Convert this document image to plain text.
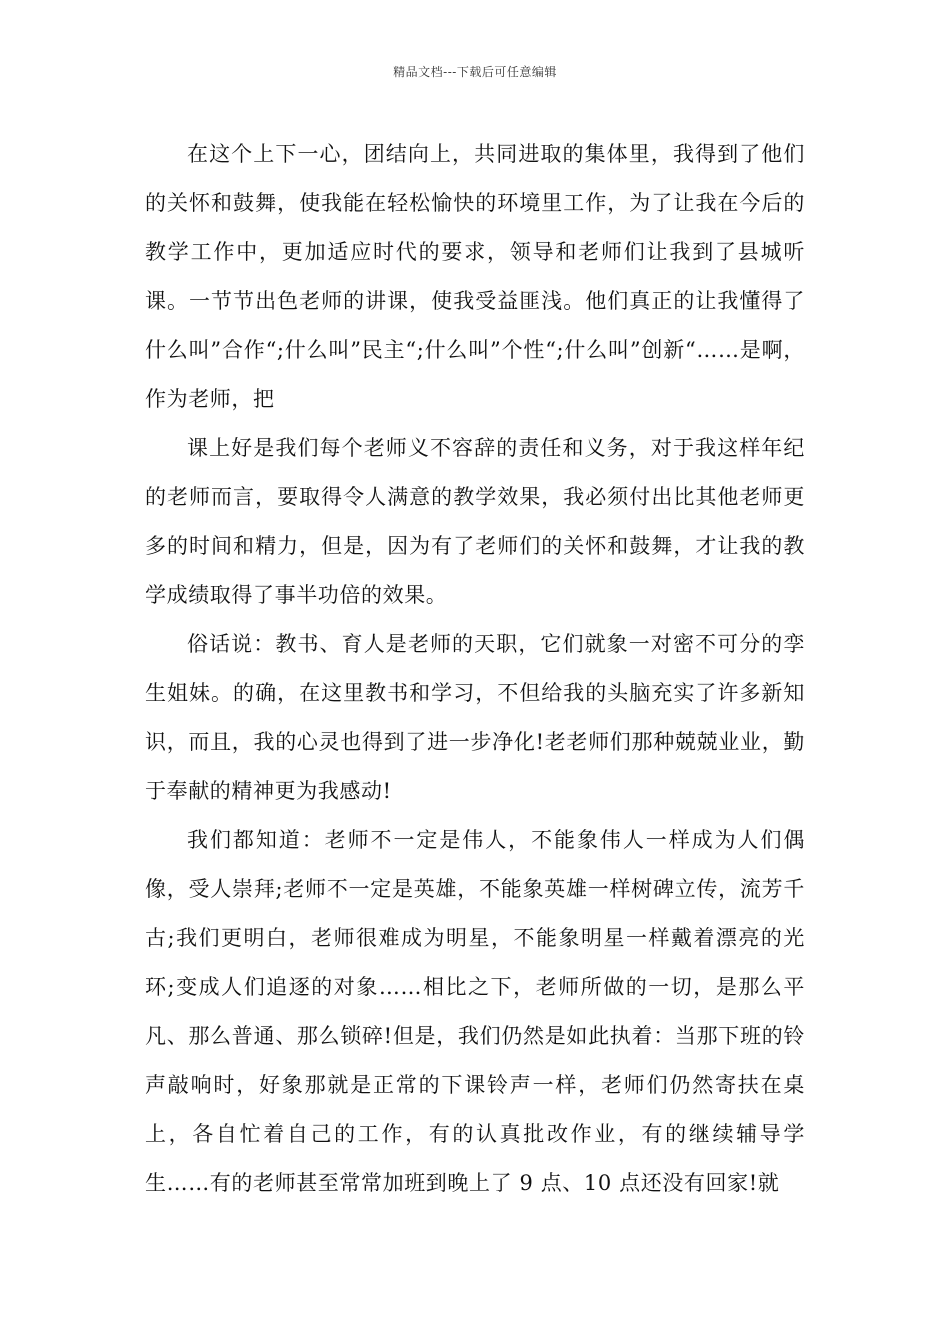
精品文档---下载后可任意编辑

在这个上下一心，团结向上，共同进取的集体里，我得到了他们的关怀和鼓舞，使我能在轻松愉快的环境里工作，为了让我在今后的教学工作中，更加适应时代的要求，领导和老师们让我到了县城听课。一节节出色老师的讲课，使我受益匪浅。他们真正的让我懂得了什么叫”合作“;什么叫”民主“;什么叫”个性“;什么叫”创新“……是啊，作为老师，把

课上好是我们每个老师义不容辞的责任和义务，对于我这样年纪的老师而言，要取得令人满意的教学效果，我必须付出比其他老师更多的时间和精力，但是，因为有了老师们的关怀和鼓舞，才让我的教学成绩取得了事半功倍的效果。

俗话说：教书、育人是老师的天职，它们就象一对密不可分的孪生姐妹。的确，在这里教书和学习，不但给我的头脑充实了许多新知识，而且，我的心灵也得到了进一步净化!老老师们那种兢兢业业，勤于奉献的精神更为我感动!

我们都知道：老师不一定是伟人，不能象伟人一样成为人们偶像，受人崇拜;老师不一定是英雄，不能象英雄一样树碑立传，流芳千古;我们更明白，老师很难成为明星，不能象明星一样戴着漂亮的光环;变成人们追逐的对象……相比之下，老师所做的一切，是那么平凡、那么普通、那么锁碎!但是，我们仍然是如此执着：当那下班的铃声敲响时，好象那就是正常的下课铃声一样，老师们仍然寄扶在桌上，各自忙着自己的工作，有的认真批改作业，有的继续辅导学生……有的老师甚至常常加班到晚上了 9 点、10 点还没有回家!就
